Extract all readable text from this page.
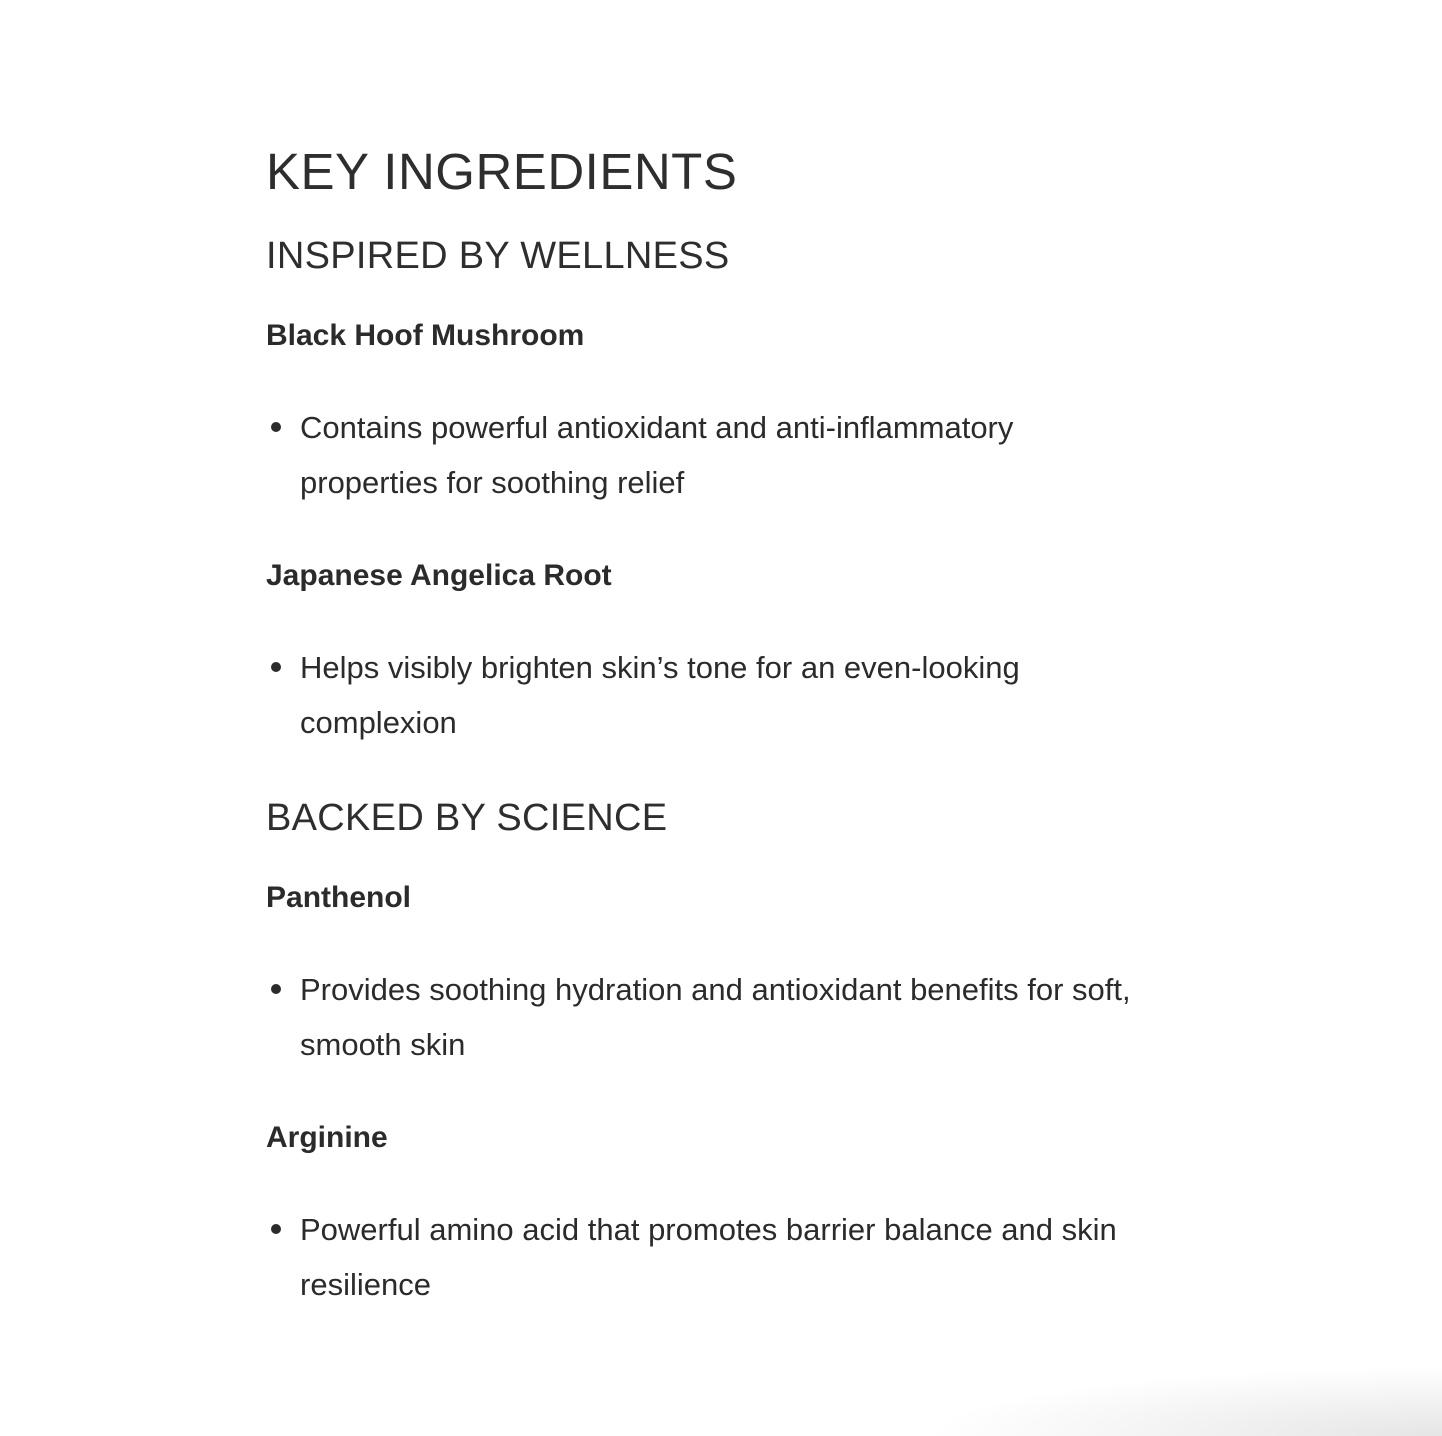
KEY INGREDIENTS
INSPIRED BY WELLNESS
Black Hoof Mushroom
Contains powerful antioxidant and anti-inflammatory properties for soothing relief
Japanese Angelica Root
Helps visibly brighten skin’s tone for an even-looking complexion
BACKED BY SCIENCE
Panthenol
Provides soothing hydration and antioxidant benefits for soft, smooth skin
Arginine
Powerful amino acid that promotes barrier balance and skin resilience
